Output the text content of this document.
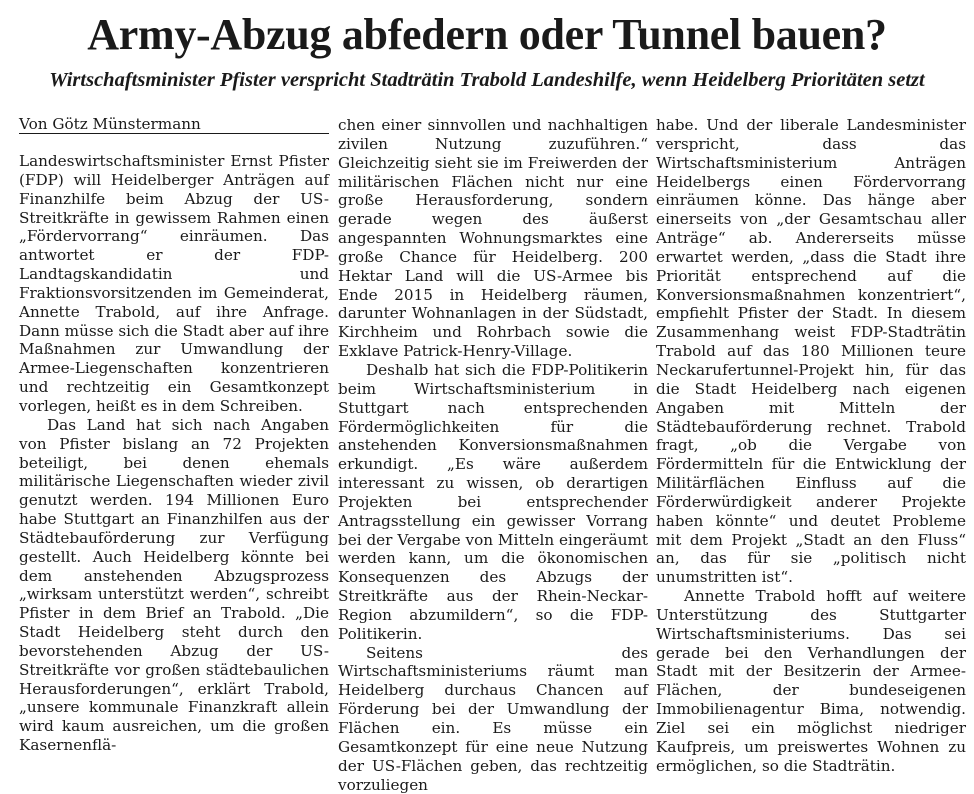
Army-Abzug abfedern oder Tunnel bauen?
Wirtschaftsminister Pfister verspricht Stadträtin Trabold Landeshilfe, wenn Heidelberg Prioritäten setzt

Von Götz Münstermann

Landeswirtschaftsminister Ernst Pfister (FDP) will Heidelberger Anträgen auf Finanzhilfe beim Abzug der US-Streitkräfte in gewissem Rahmen einen „Fördervorrang“ einräumen. Das antwortet er der FDP-Landtagskandidatin und Fraktionsvorsitzenden im Gemeinderat, Annette Trabold, auf ihre Anfrage. Dann müsse sich die Stadt aber auf ihre Maßnahmen zur Umwandlung der Armee-Liegenschaften konzentrieren und rechtzeitig ein Gesamtkonzept vorlegen, heißt es in dem Schreiben.

Das Land hat sich nach Angaben von Pfister bislang an 72 Projekten beteiligt, bei denen ehemals militärische Liegenschaften wieder zivil genutzt werden. 194 Millionen Euro habe Stuttgart an Finanzhilfen aus der Städtebauförderung zur Verfügung gestellt. Auch Heidelberg könnte bei dem anstehenden Abzugsprozess „wirksam unterstützt werden“, schreibt Pfister in dem Brief an Trabold. „Die Stadt Heidelberg steht durch den bevorstehenden Abzug der US-Streitkräfte vor großen städtebaulichen Herausforderungen“, erklärt Trabold, „unsere kommunale Finanzkraft allein wird kaum ausreichen, um die großen Kasernenflä-

chen einer sinnvollen und nachhaltigen zivilen Nutzung zuzuführen.“ Gleichzeitig sieht sie im Freiwerden der militärischen Flächen nicht nur eine große Herausforderung, sondern gerade wegen des äußerst angespannten Wohnungsmarktes eine große Chance für Heidelberg. 200 Hektar Land will die US-Armee bis Ende 2015 in Heidelberg räumen, darunter Wohnanlagen in der Südstadt, Kirchheim und Rohrbach sowie die Exklave Patrick-Henry-Village.

Deshalb hat sich die FDP-Politikerin beim Wirtschaftsministerium in Stuttgart nach entsprechenden Fördermöglichkeiten für die anstehenden Konversionsmaßnahmen erkundigt. „Es wäre außerdem interessant zu wissen, ob derartigen Projekten bei entsprechender Antragsstellung ein gewisser Vorrang bei der Vergabe von Mitteln eingeräumt werden kann, um die ökonomischen Konsequenzen des Abzugs der Streitkräfte aus der Rhein-Neckar-Region abzumildern“, so die FDP-Politikerin.

Seitens des Wirtschaftsministeriums räumt man Heidelberg durchaus Chancen auf Förderung bei der Umwandlung der Flächen ein. Es müsse ein Gesamtkonzept für eine neue Nutzung der US-Flächen geben, das rechtzeitig vorzuliegen

habe. Und der liberale Landesminister verspricht, dass das Wirtschaftsministerium Anträgen Heidelbergs einen Fördervorrang einräumen könne. Das hänge aber einerseits von „der Gesamtschau aller Anträge“ ab. Andererseits müsse erwartet werden, „dass die Stadt ihre Priorität entsprechend auf die Konversionsmaßnahmen konzentriert“, empfiehlt Pfister der Stadt. In diesem Zusammenhang weist FDP-Stadträtin Trabold auf das 180 Millionen teure Neckarufertunnel-Projekt hin, für das die Stadt Heidelberg nach eigenen Angaben mit Mitteln der Städtebauförderung rechnet. Trabold fragt, „ob die Vergabe von Fördermitteln für die Entwicklung der Militärflächen Einfluss auf die Förderwürdigkeit anderer Projekte haben könnte“ und deutet Probleme mit dem Projekt „Stadt an den Fluss“ an, das für sie „politisch nicht unumstritten ist“.

Annette Trabold hofft auf weitere Unterstützung des Stuttgarter Wirtschaftsministeriums. Das sei gerade bei den Verhandlungen der Stadt mit der Besitzerin der Armee-Flächen, der bundeseigenen Immobilienagentur Bima, notwendig. Ziel sei ein möglichst niedriger Kaufpreis, um preiswertes Wohnen zu ermöglichen, so die Stadträtin.
